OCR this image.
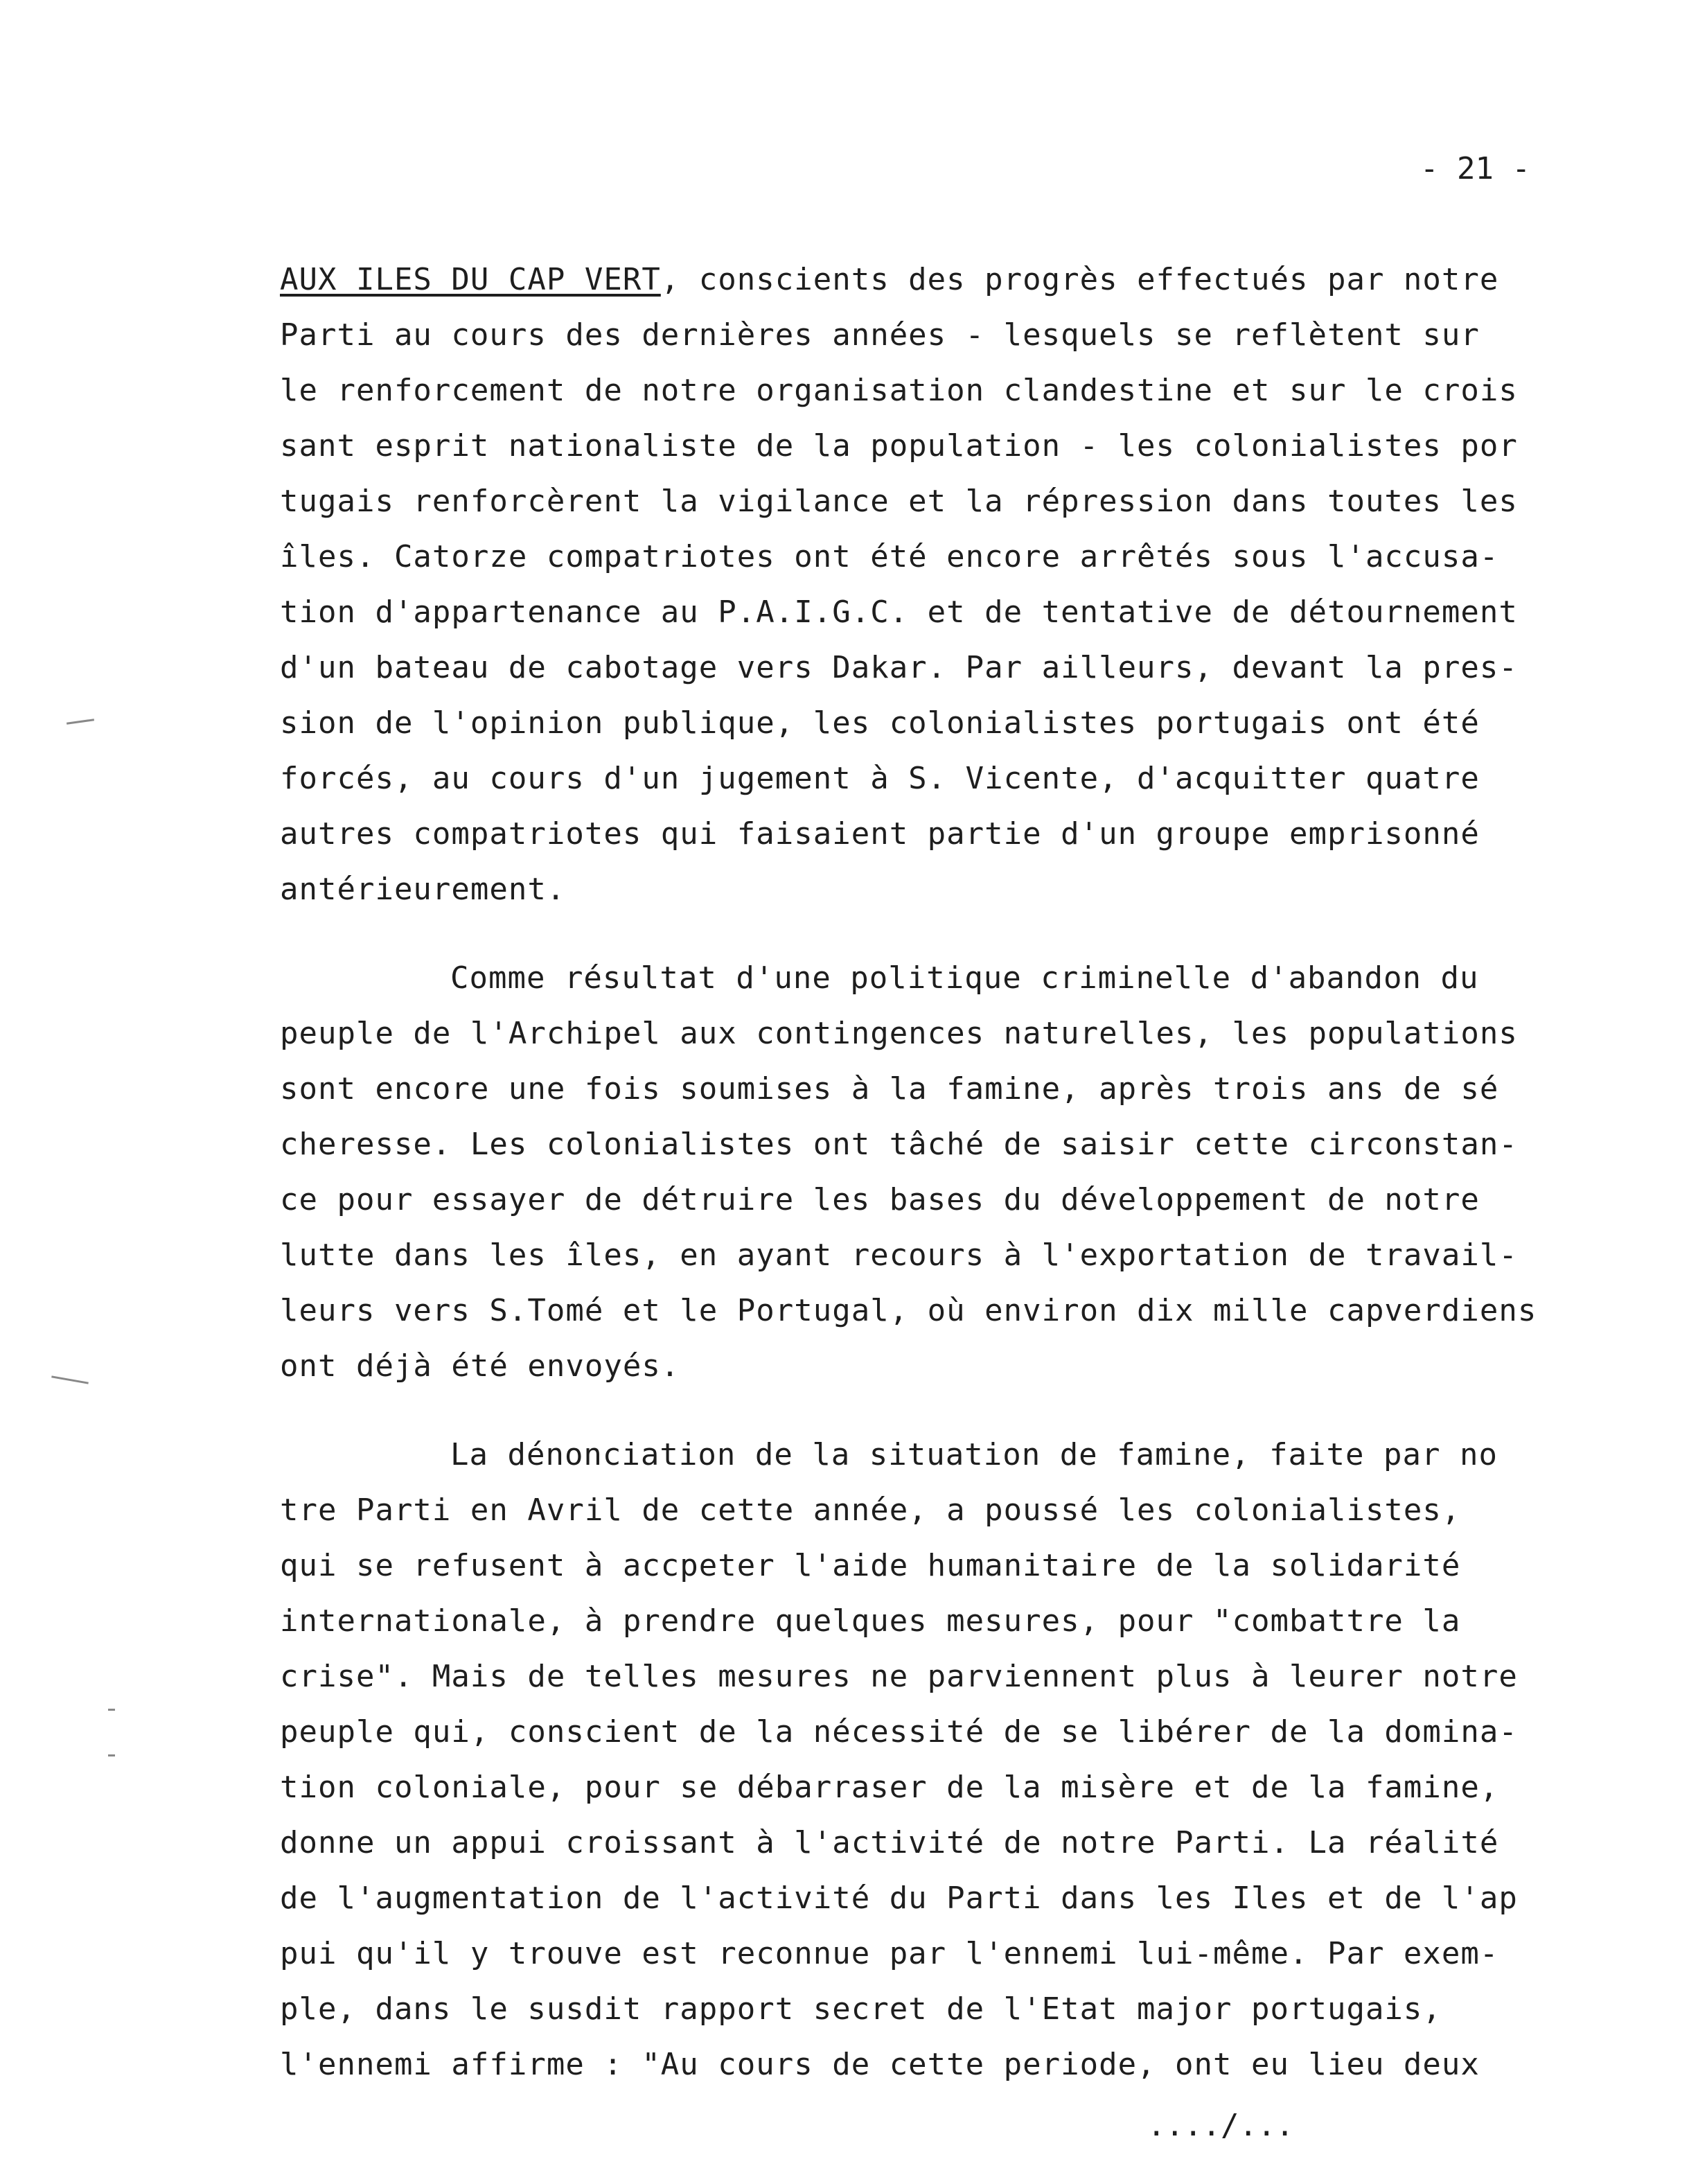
- 21 -

AUX ILES DU CAP VERT, conscients des progrès effectués par notre
Parti au cours des dernières années - lesquels se reflètent sur
le renforcement de notre organisation clandestine et sur le crois
sant esprit nationaliste de la population - les colonialistes por
tugais renforcèrent la vigilance et la répression dans toutes les
îles. Catorze compatriotes ont été encore arrêtés sous l'accusa-
tion d'appartenance au P.A.I.G.C. et de tentative de détournement
d'un bateau de cabotage vers Dakar. Par ailleurs, devant la pres-
sion de l'opinion publique, les colonialistes portugais ont été
forcés, au cours d'un jugement à S. Vicente, d'acquitter quatre
autres compatriotes qui faisaient partie d'un groupe emprisonné
antérieurement.

Comme résultat d'une politique criminelle d'abandon du
peuple de l'Archipel aux contingences naturelles, les populations
sont encore une fois soumises à la famine, après trois ans de sé
cheresse. Les colonialistes ont tâché de saisir cette circonstan-
ce pour essayer de détruire les bases du développement de notre
lutte dans les îles, en ayant recours à l'exportation de travail-
leurs vers S.Tomé et le Portugal, où environ dix mille capverdiens
ont déjà été envoyés.

La dénonciation de la situation de famine, faite par no
tre Parti en Avril de cette année, a poussé les colonialistes,
qui se refusent à accpeter l'aide humanitaire de la solidarité
internationale, à prendre quelques mesures, pour "combattre la
crise". Mais de telles mesures ne parviennent plus à leurer notre
peuple qui, conscient de la nécessité de se libérer de la domina-
tion coloniale, pour se débarraser de la misère et de la famine,
donne un appui croissant à l'activité de notre Parti. La réalité
de l'augmentation de l'activité du Parti dans les Iles et de l'ap
pui qu'il y trouve est reconnue par l'ennemi lui-même. Par exem-
ple, dans le susdit rapport secret de l'Etat major portugais,
l'ennemi affirme : "Au cours de cette periode, ont eu lieu deux

..../...
